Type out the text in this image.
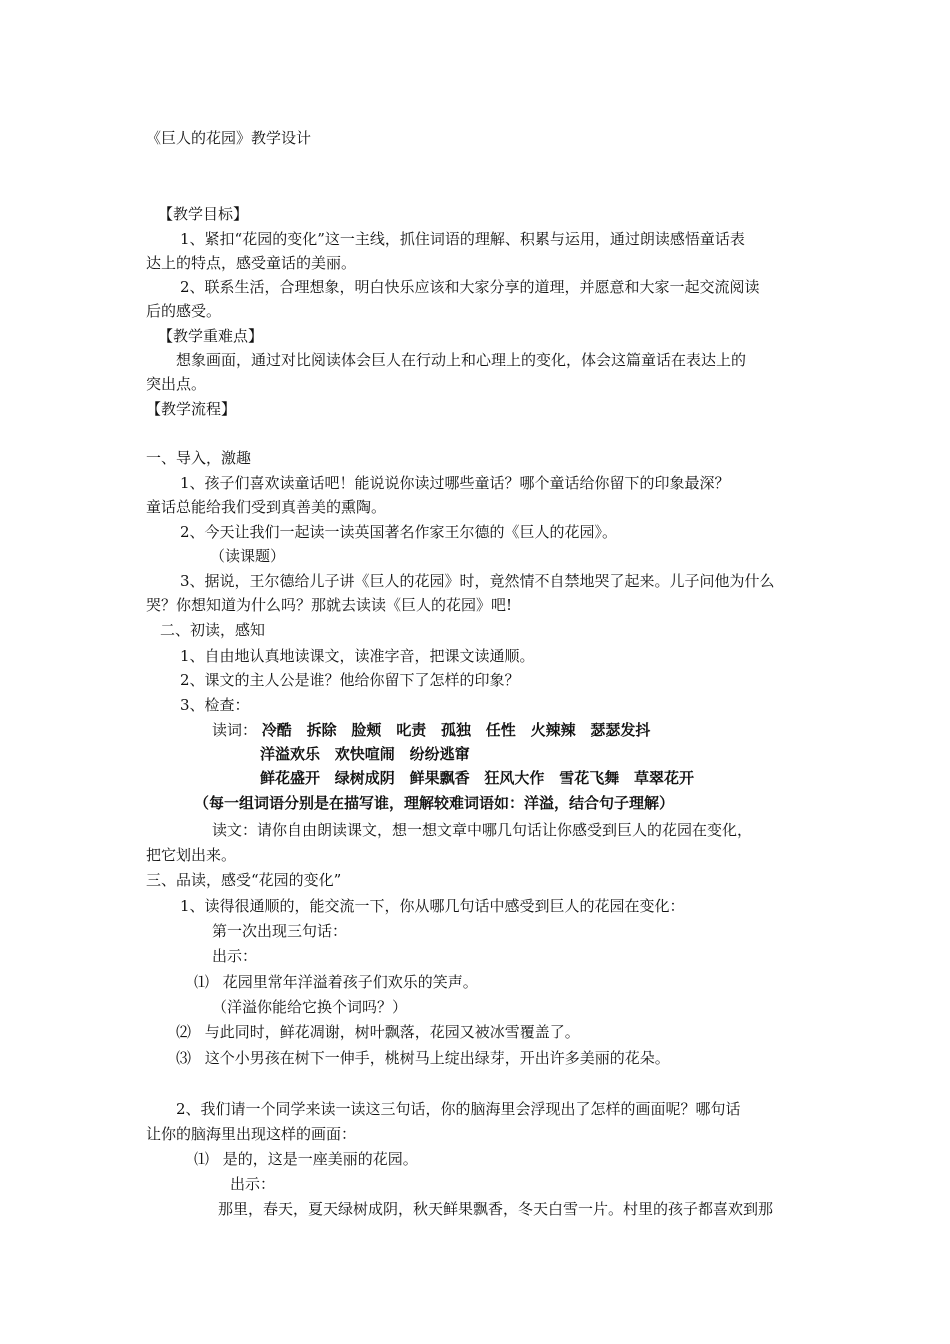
《巨人的花园》教学设计
【教学目标】
1、紧扣“花园的变化”这一主线，抓住词语的理解、积累与运用，通过朗读感悟童话表
达上的特点，感受童话的美丽。
2、联系生活，合理想象，明白快乐应该和大家分享的道理，并愿意和大家一起交流阅读
后的感受。
【教学重难点】
想象画面，通过对比阅读体会巨人在行动上和心理上的变化，体会这篇童话在表达上的
突出点。
【教学流程】
一、导入，激趣
1、孩子们喜欢读童话吧！能说说你读过哪些童话？哪个童话给你留下的印象最深？
童话总能给我们受到真善美的熏陶。
2、今天让我们一起读一读英国著名作家王尔德的《巨人的花园》。
（读课题）
3、据说，王尔德给儿子讲《巨人的花园》时，竟然情不自禁地哭了起来。儿子问他为什么
哭？你想知道为什么吗？那就去读读《巨人的花园》吧!
二、初读，感知
1、自由地认真地读课文，读准字音，把课文读通顺。
2、课文的主人公是谁？他给你留下了怎样的印象？
3、检查：
读词： 冷酷 拆除 脸颊 叱责 孤独 任性 火辣辣 瑟瑟发抖
洋溢欢乐 欢快喧闹 纷纷逃窜
鲜花盛开 绿树成阴 鲜果飘香 狂风大作 雪花飞舞 草翠花开
（每一组词语分别是在描写谁，理解较难词语如：洋溢，结合句子理解）
读文：请你自由朗读课文，想一想文章中哪几句话让你感受到巨人的花园在变化，
把它划出来。
三、品读，感受“花园的变化”
1、读得很通顺的，能交流一下，你从哪几句话中感受到巨人的花园在变化：
第一次出现三句话：
出示：
⑴ 花园里常年洋溢着孩子们欢乐的笑声。
（洋溢你能给它换个词吗？）
⑵ 与此同时，鲜花凋谢，树叶飘落，花园又被冰雪覆盖了。
⑶ 这个小男孩在树下一伸手，桃树马上绽出绿芽，开出许多美丽的花朵。
2、我们请一个同学来读一读这三句话，你的脑海里会浮现出了怎样的画面呢？哪句话
让你的脑海里出现这样的画面：
⑴ 是的，这是一座美丽的花园。
出示：
那里，春天，夏天绿树成阴，秋天鲜果飘香，冬天白雪一片。村里的孩子都喜欢到那
